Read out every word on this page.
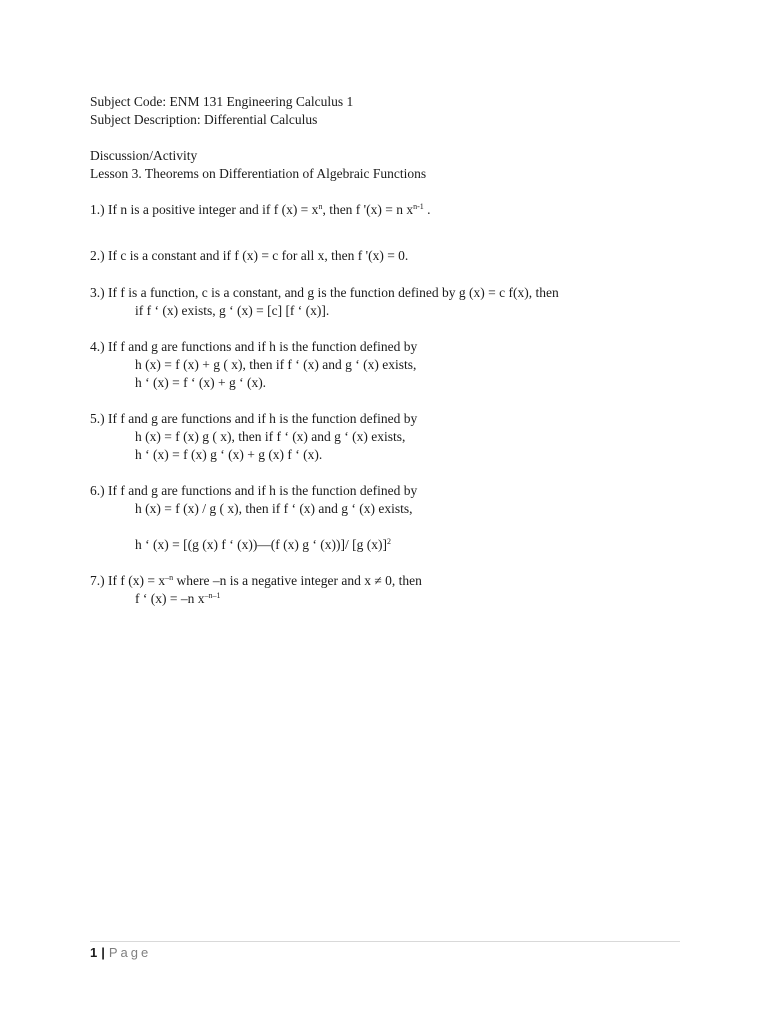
Subject Code: ENM 131 Engineering Calculus 1
Subject Description: Differential Calculus
Discussion/Activity
Lesson 3. Theorems on Differentiation of Algebraic Functions
1.) If n is a positive integer and if f $(x) = x^n$, then f '(x) = n $x^{n-1}$ .
2.) If c is a constant and if f (x) = c for all x, then f '(x) = 0.
3.) If f is a function, c is a constant, and g is the function defined by g (x) = c f(x), then
if f ‘ (x) exists, g ‘ (x) = [c] [f ‘ (x)].
4.) If f and g are functions and if h is the function defined by
h (x) = f (x) + g ( x), then if f ‘ (x) and g ‘ (x) exists,
h ‘ (x) = f ‘ (x) + g ‘ (x).
5.) If f and g are functions and if h is the function defined by
h (x) = f (x) g ( x), then if f ‘ (x) and g ‘ (x) exists,
h ‘ (x) = f (x) g ‘ (x) + g (x) f ‘ (x).
6.) If f and g are functions and if h is the function defined by
h (x) = f (x) / g ( x), then if f ‘ (x) and g ‘ (x) exists,
h ‘ (x) = [(g (x) f ‘ (x))—(f (x) g ‘ (x))]/ [g (x)]$^2$
7.) If f $(x) = x^{-n}$ where –n is a negative integer and x ≠ 0, then
f ‘ (x) = –n $x^{-n-1}$
1 | Page
